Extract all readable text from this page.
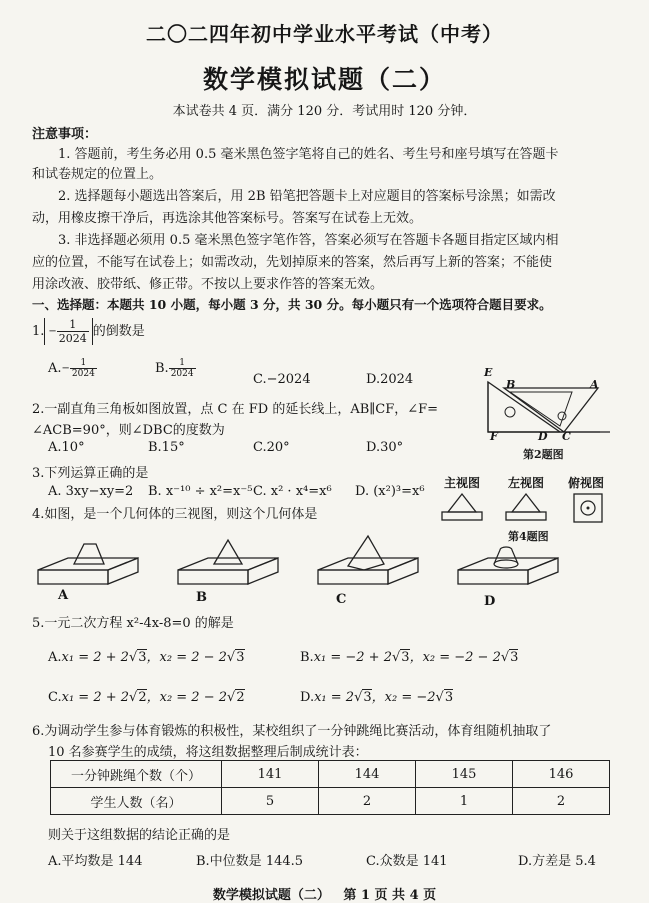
二〇二四年初中学业水平考试（中考）
数学模拟试题（二）
本试卷共 4 页．满分 120 分．考试用时 120 分钟．
注意事项：
1. 答题前，考生务必用 0.5 毫米黑色签字笔将自己的姓名、考生号和座号填写在答题卡
和试卷规定的位置上。
2. 选择题每小题选出答案后，用 2B 铅笔把答题卡上对应题目的答案标号涂黑；如需改
动，用橡皮擦干净后，再选涂其他答案标号。答案写在试卷上无效。
3. 非选择题必须用 0.5 毫米黑色签字笔作答，答案必须写在答题卡各题目指定区域内相
应的位置，不能写在试卷上；如需改动，先划掉原来的答案，然后再写上新的答案；不能使
用涂改液、胶带纸、修正带。不按以上要求作答的答案无效。
一、选择题：本题共 10 小题，每小题 3 分，共 30 分。每小题只有一个选项符合题目要求。
1. − $\frac{1}{2024}$ 的倒数是
$A.- \frac{1}{2024}$	B. $\frac{1}{2024}$
C.−2024	D.2024
2.一副直角三角板如图放置，点 C 在 FD 的延长线上，AB∥CF，∠F=
∠ACB=90°，则∠DBC的度数为
A.10°	B.15°	C.20°	D.30°
E
B	A
F	D C
第2题图
3.下列运算正确的是
A. 3xy−xy=2 B. x⁻¹⁰ ÷ x²=x⁻⁵ C. x² · x⁴=x⁶ D. (x²)³=x⁶
主视图 左视图 俯视图
第4题图
4.如图，是一个几何体的三视图，则这个几何体是
A	B	C	D
5.一元二次方程 x²-4x-8=0 的解是
A.x₁ = 2 + 2√3，x₂ = 2 − 2√3	B.x₁ = −2 + 2√3，x₂ = −2 − 2√3
C.x₁ = 2 + 2√2，x₂ = 2 − 2√2	D.x₁ = 2√3，x₂ = −2√3
6.为调动学生参与体育锻炼的积极性，某校组织了一分钟跳绳比赛活动，体育组随机抽取了
10 名参赛学生的成绩，将这组数据整理后制成统计表：
一分钟跳绳个数（个）	141	144	145	146
学生人数（名）	5	2	1	2
则关于这组数据的结论正确的是
A.平均数是 144	B.中位数是 144.5	C.众数是 141	D.方差是 5.4
数学模拟试题（二）   第 1 页 共 4 页
